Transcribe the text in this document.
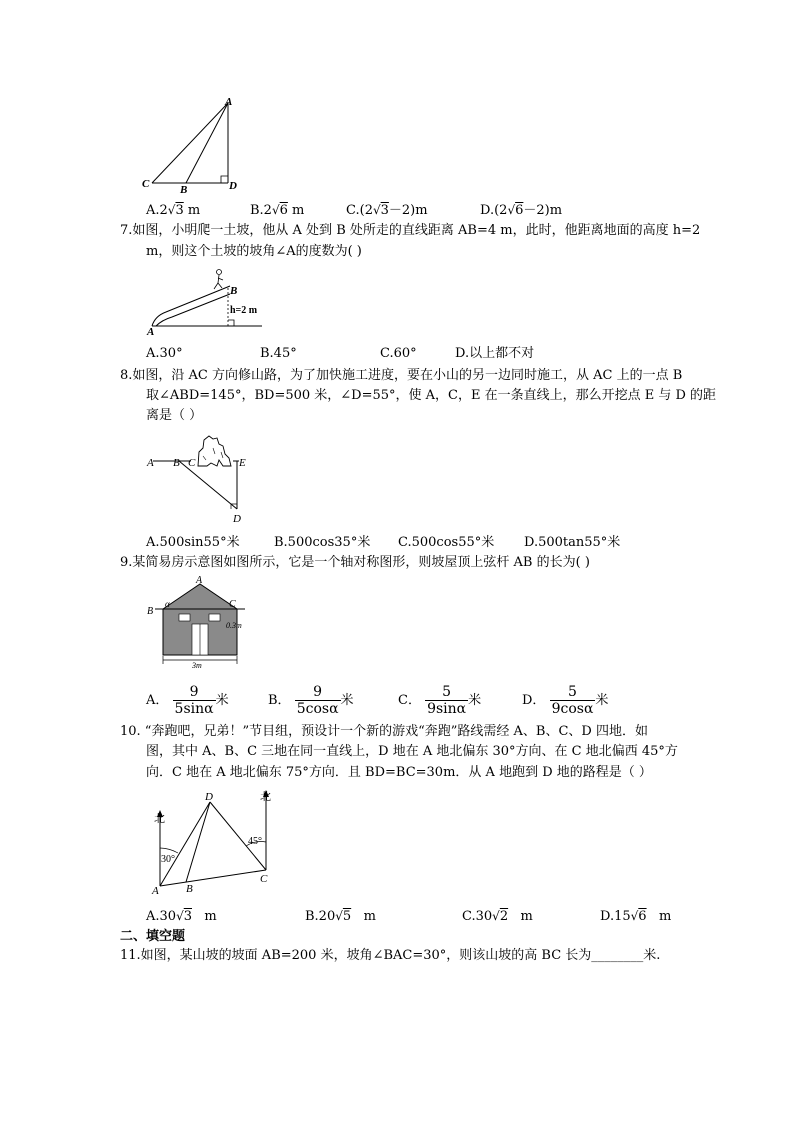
A
C	B	D
A.2√3 m	B.2√6 m	C.(2√3－2)m	D.(2√6－2)m
7.如图，小明爬一土坡，他从 A 处到 B 处所走的直线距离 AB=4 m，此时，他距离地面的高度 h=2
m，则这个土坡的坡角∠A的度数为( )
B
h=2 m
A
A.30°	B.45°	C.60°	D.以上都不对
8.如图，沿 AC 方向修山路，为了加快施工进度，要在小山的另一边同时施工，从 AC 上的一点 B
取∠ABD=145°，BD=500 米，∠D=55°，使 A，C，E 在一条直线上，那么开挖点 E 与 D 的距
离是（ ）
A B C	E
D
A.500sin55°米	B.500cos35°米 C.500cos55°米 D.500tan55°米
9.某简易房示意图如图所示，它是一个轴对称图形，则坡屋顶上弦杆 AB 的长为( )
A
B
α	C
0.3m
3m
A． $\frac{9}{5\sin\alpha}$ 米	B． $\frac{9}{5\cos\alpha}$ 米	C． $\frac{5}{9\sin\alpha}$ 米	D． $\frac{5}{9\cos\alpha}$ 米
10. “奔跑吧，兄弟！”节目组，预设计一个新的游戏“奔跑”路线需经 A、B、C、D 四地．如
图，其中 A、B、C 三地在同一直线上，D 地在 A 地北偏东 30°方向、在 C 地北偏西 45°方
向．C 地在 A 地北偏东 75°方向．且 BD=BC=30m．从 A 地跑到 D 地的路程是（ ）
北
北
30°
45°
D
A B
C
A.30√3   m	B.20√5   m	C.30√2   m	D.15√6   m
二、填空题
11.如图，某山坡的坡面 AB=200 米，坡角∠BAC=30°，则该山坡的高 BC 长为________米.
